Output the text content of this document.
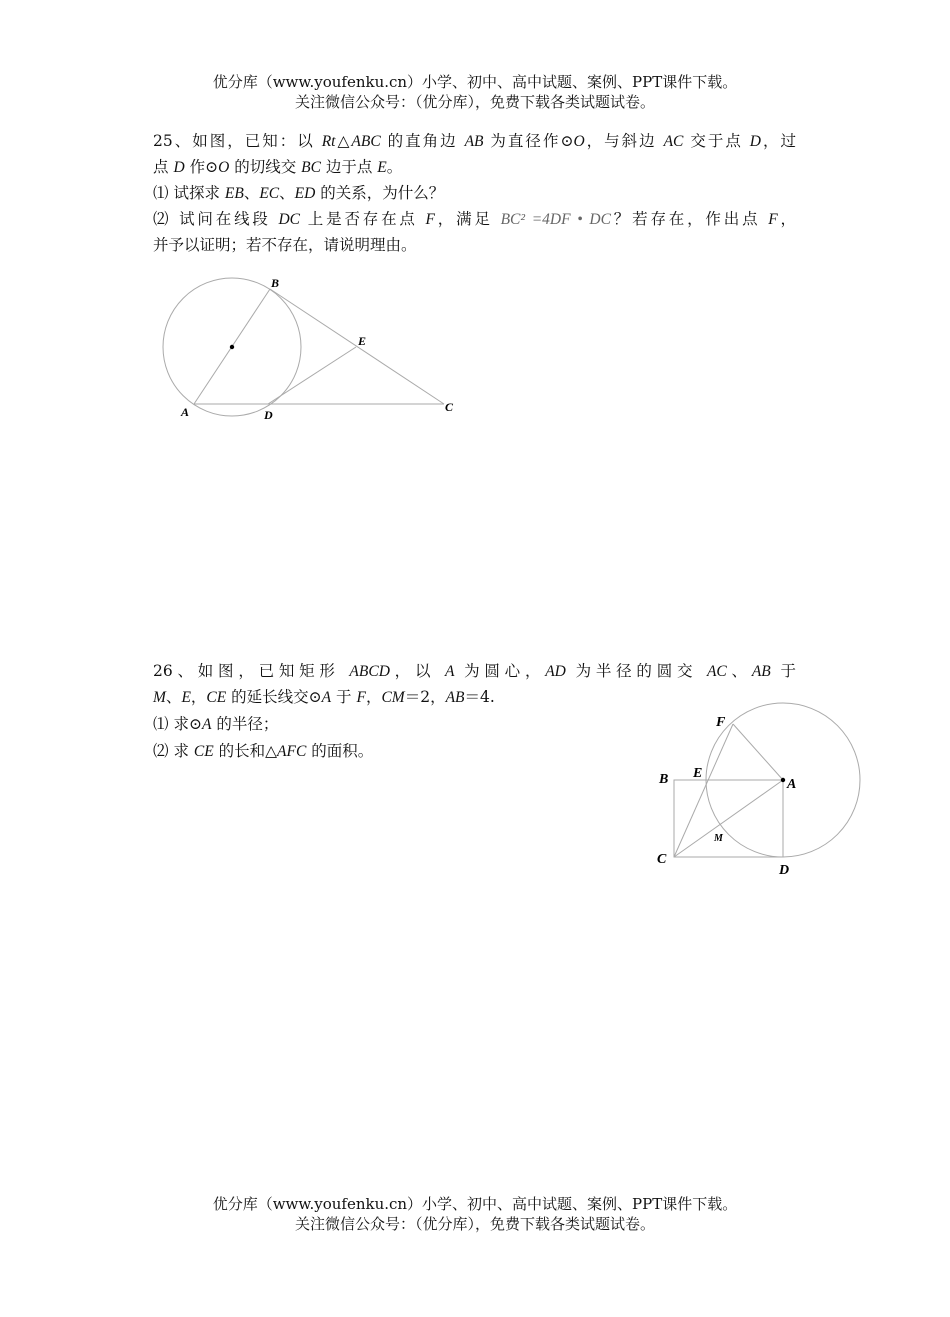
优分库（www.youfenku.cn）小学、初中、高中试题、案例、PPT课件下载。
关注微信公众号：（优分库），免费下载各类试题试卷。
25、如图，已知：以 Rt△ABC 的直角边 AB 为直径作⊙O，与斜边 AC 交于点 D，过
点 D 作⊙O 的切线交 BC 边于点 E。
⑴ 试探求 EB、EC、ED 的关系，为什么？
⑵ 试问在线段 DC 上是否存在点 F，满足 BC² =4DF • DC？若存在，作出点 F，
并予以证明；若不存在，请说明理由。
A
B
C
D
E
26、如图，已知矩形 ABCD，以 A 为圆心，AD 为半径的圆交 AC、AB 于
M、E，CE 的延长线交⊙A 于 F，CM＝2，AB＝4.
⑴ 求⊙A 的半径；
⑵ 求 CE 的长和△AFC 的面积。
F
B E
A
M
C
D
优分库（www.youfenku.cn）小学、初中、高中试题、案例、PPT课件下载。
关注微信公众号：（优分库），免费下载各类试题试卷。
